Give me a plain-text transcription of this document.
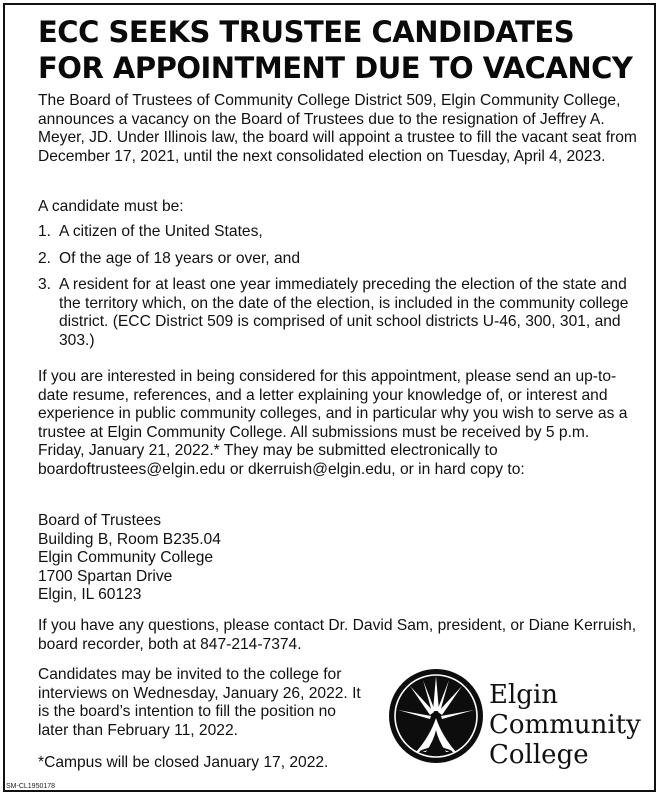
ECC SEEKS TRUSTEE CANDIDATES FOR APPOINTMENT DUE TO VACANCY

The Board of Trustees of Community College District 509, Elgin Community College, announces a vacancy on the Board of Trustees due to the resignation of Jeffrey A. Meyer, JD. Under Illinois law, the board will appoint a trustee to fill the vacant seat from December 17, 2021, until the next consolidated election on Tuesday, April 4, 2023.

A candidate must be:

1. A citizen of the United States,
2. Of the age of 18 years or over, and
3. A resident for at least one year immediately preceding the election of the state and the territory which, on the date of the election, is included in the community college district. (ECC District 509 is comprised of unit school districts U-46, 300, 301, and 303.)

If you are interested in being considered for this appointment, please send an up-to-date resume, references, and a letter explaining your knowledge of, or interest and experience in public community colleges, and in particular why you wish to serve as a trustee at Elgin Community College. All submissions must be received by 5 p.m. Friday, January 21, 2022.* They may be submitted electronically to boardoftrustees@elgin.edu or dkerruish@elgin.edu, or in hard copy to:

Board of Trustees
Building B, Room B235.04
Elgin Community College
1700 Spartan Drive
Elgin, IL 60123

If you have any questions, please contact Dr. David Sam, president, or Diane Kerruish, board recorder, both at 847-214-7374.

Candidates may be invited to the college for interviews on Wednesday, January 26, 2022. It is the board’s intention to fill the position no later than February 11, 2022.

*Campus will be closed January 17, 2022.

Elgin
Community
College
SM-CL1950178
